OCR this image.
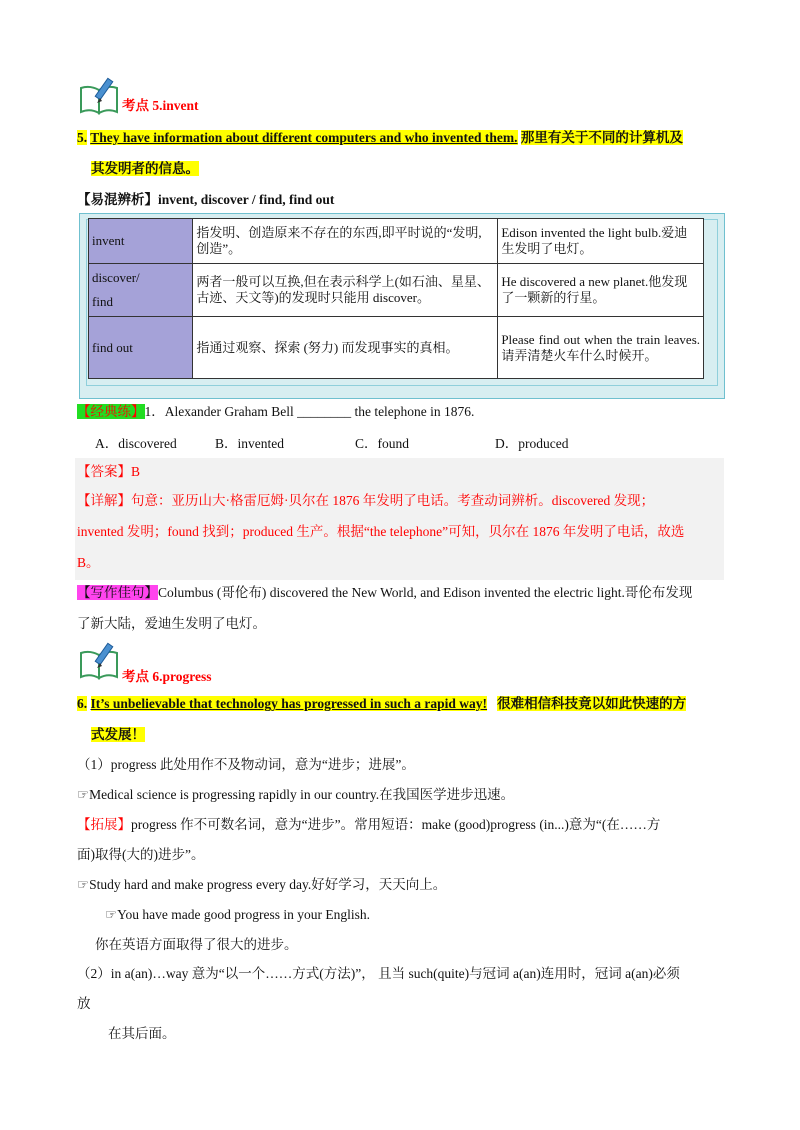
考点 5.invent
5. They have information about different computers and who invented them. 那里有关于不同的计算机及
其发明者的信息。
【易混辨析】invent, discover / find, find out
invent	指发明、创造原来不存在的东西,即平时说的“发明,创造”。	Edison invented the light bulb.爱迪生发明了电灯。
discover/
find	两者一般可以互换,但在表示科学上(如石油、星星、古迹、天文等)的发现时只能用 discover。	He discovered a new planet.他发现了一颗新的行星。
find out	指通过观察、探索 (努力) 而发现事实的真相。	Please find out when the train leaves.请弄清楚火车什么时候开。
【经典练】1．Alexander Graham Bell ________ the telephone in 1876.
A．discovered	B．invented	C．found	D．produced
【答案】B
【详解】句意：亚历山大·格雷厄姆·贝尔在 1876 年发明了电话。考查动词辨析。discovered 发现；
invented 发明；found 找到；produced 生产。根据“the telephone”可知，贝尔在 1876 年发明了电话，故选
B。
【写作佳句】Columbus (哥伦布) discovered the New World, and Edison invented the electric light.哥伦布发现
了新大陆，爱迪生发明了电灯。
考点 6.progress
6. It’s unbelievable that technology has progressed in such a rapid way! 很难相信科技竟以如此快速的方
式发展！
（1）progress 此处用作不及物动词，意为“进步；进展”。
☞Medical science is progressing rapidly in our country.在我国医学进步迅速。
【拓展】progress 作不可数名词，意为“进步”。常用短语：make (good)progress (in...)意为“(在……方
面)取得(大的)进步”。
☞Study hard and make progress every day.好好学习，天天向上。
☞You have made good progress in your English.
你在英语方面取得了很大的进步。
（2）in a(an)…way 意为“以一个……方式(方法)”， 且当 such(quite)与冠词 a(an)连用时，冠词 a(an)必须
放
在其后面。
